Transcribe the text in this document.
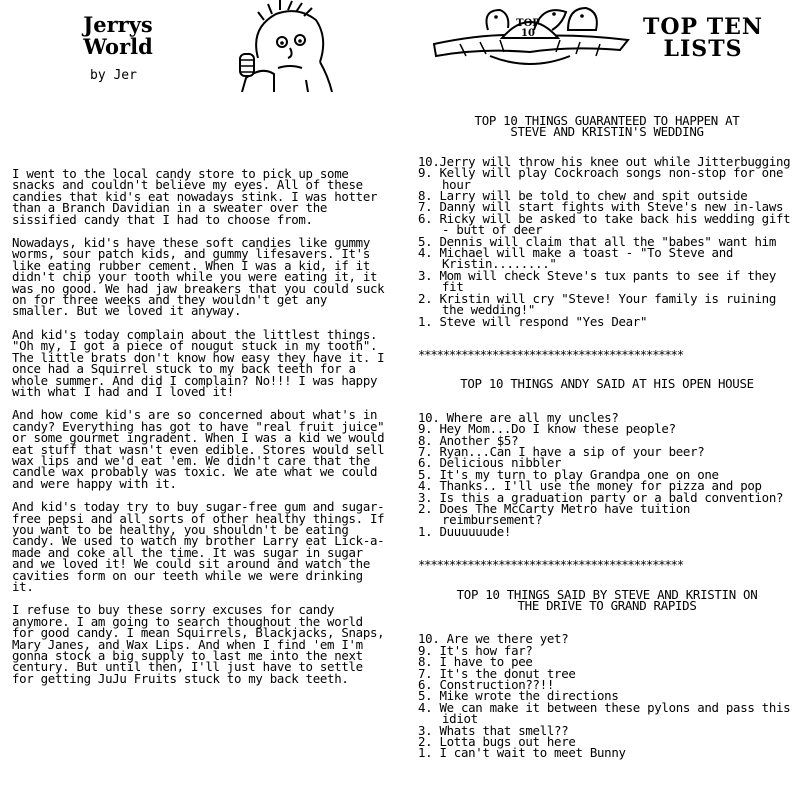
Jerrys
World
by Jer
TOP
10	TOP TEN
LISTS

I went to the local candy store to pick up some snacks and couldn't believe my eyes. All of these candies that kid's eat nowadays stink. I was hotter than a Branch Davidian in a sweater over the sissified candy that I had to choose from.

Nowadays, kid's have these soft candies like gummy worms, sour patch kids, and gummy lifesavers. It's like eating rubber cement. When I was a kid, if it didn't chip your tooth while you were eating it, it was no good. We had jaw breakers that you could suck on for three weeks and they wouldn't get any smaller. But we loved it anyway.

And kid's today complain about the littlest things. "Oh my, I got a piece of nougut stuck in my tooth". The little brats don't know how easy they have it. I once had a Squirrel stuck to my back teeth for a whole summer. And did I complain? No!!! I was happy with what I had and I loved it!

And how come kid's are so concerned about what's in candy? Everything has got to have "real fruit juice" or some gourmet ingradent. When I was a kid we would eat stuff that wasn't even edible. Stores would sell wax lips and we'd eat 'em. We didn't care that the candle wax probably was toxic. We ate what we could and were happy with it.

And kid's today try to buy sugar-free gum and sugar-free pepsi and all sorts of other healthy things. If you want to be healthy, you shouldn't be eating candy. We used to watch my brother Larry eat Lick-a-made and coke all the time. It was sugar in sugar and we loved it! We could sit around and watch the cavities form on our teeth while we were drinking it.

I refuse to buy these sorry excuses for candy anymore. I am going to search thoughout the world for good candy. I mean Squirrels, Blackjacks, Snaps, Mary Janes, and Wax Lips. And when I find 'em I'm gonna stock a big supply to last me into the next century. But until then, I'll just have to settle for getting JuJu Fruits stuck to my back teeth.

TOP 10 THINGS GUARANTEED TO HAPPEN AT
STEVE AND KRISTIN'S WEDDING
10.Jerry will throw his knee out while Jitterbugging
9. Kelly will play Cockroach songs non-stop for one hour
8. Larry will be told to chew and spit outside
7. Danny will start fights with Steve's new in-laws
6. Ricky will be asked to take back his wedding gift - butt of deer
5. Dennis will claim that all the "babes" want him
4. Michael will make a toast - "To Steve and Kristin........"
3. Mom will check Steve's tux pants to see if they fit
2. Kristin will cry "Steve! Your family is ruining the wedding!"
1. Steve will respond "Yes Dear"
*******************************************
TOP 10 THINGS ANDY SAID AT HIS OPEN HOUSE
10. Where are all my uncles?
9. Hey Mom...Do I know these people?
8. Another $5?
7. Ryan...Can I have a sip of your beer?
6. Delicious nibbler
5. It's my turn to play Grandpa one on one
4. Thanks.. I'll use the money for pizza and pop
3. Is this a graduation party or a bald convention?
2. Does The McCarty Metro have tuition reimbursement?
1. Duuuuuude!
*******************************************
TOP 10 THINGS SAID BY STEVE AND KRISTIN ON
THE DRIVE TO GRAND RAPIDS
10. Are we there yet?
9. It's how far?
8. I have to pee
7. It's the donut tree
6. Construction??!!
5. Mike wrote the directions
4. We can make it between these pylons and pass this idiot
3. Whats that smell??
2. Lotta bugs out here
1. I can't wait to meet Bunny
